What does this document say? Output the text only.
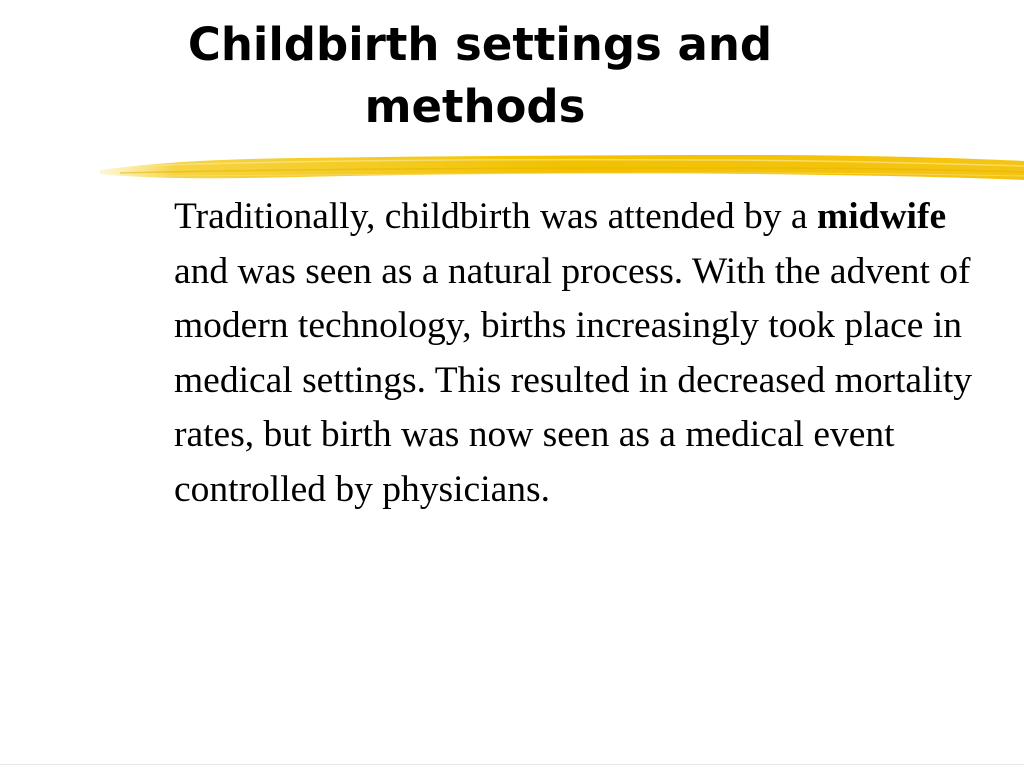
Childbirth settings and
methods

Traditionally, childbirth was attended by a midwife and was seen as a natural process. With the advent of modern technology, births increasingly took place in medical settings. This resulted in decreased mortality rates, but birth was now seen as a medical event controlled by physicians.
